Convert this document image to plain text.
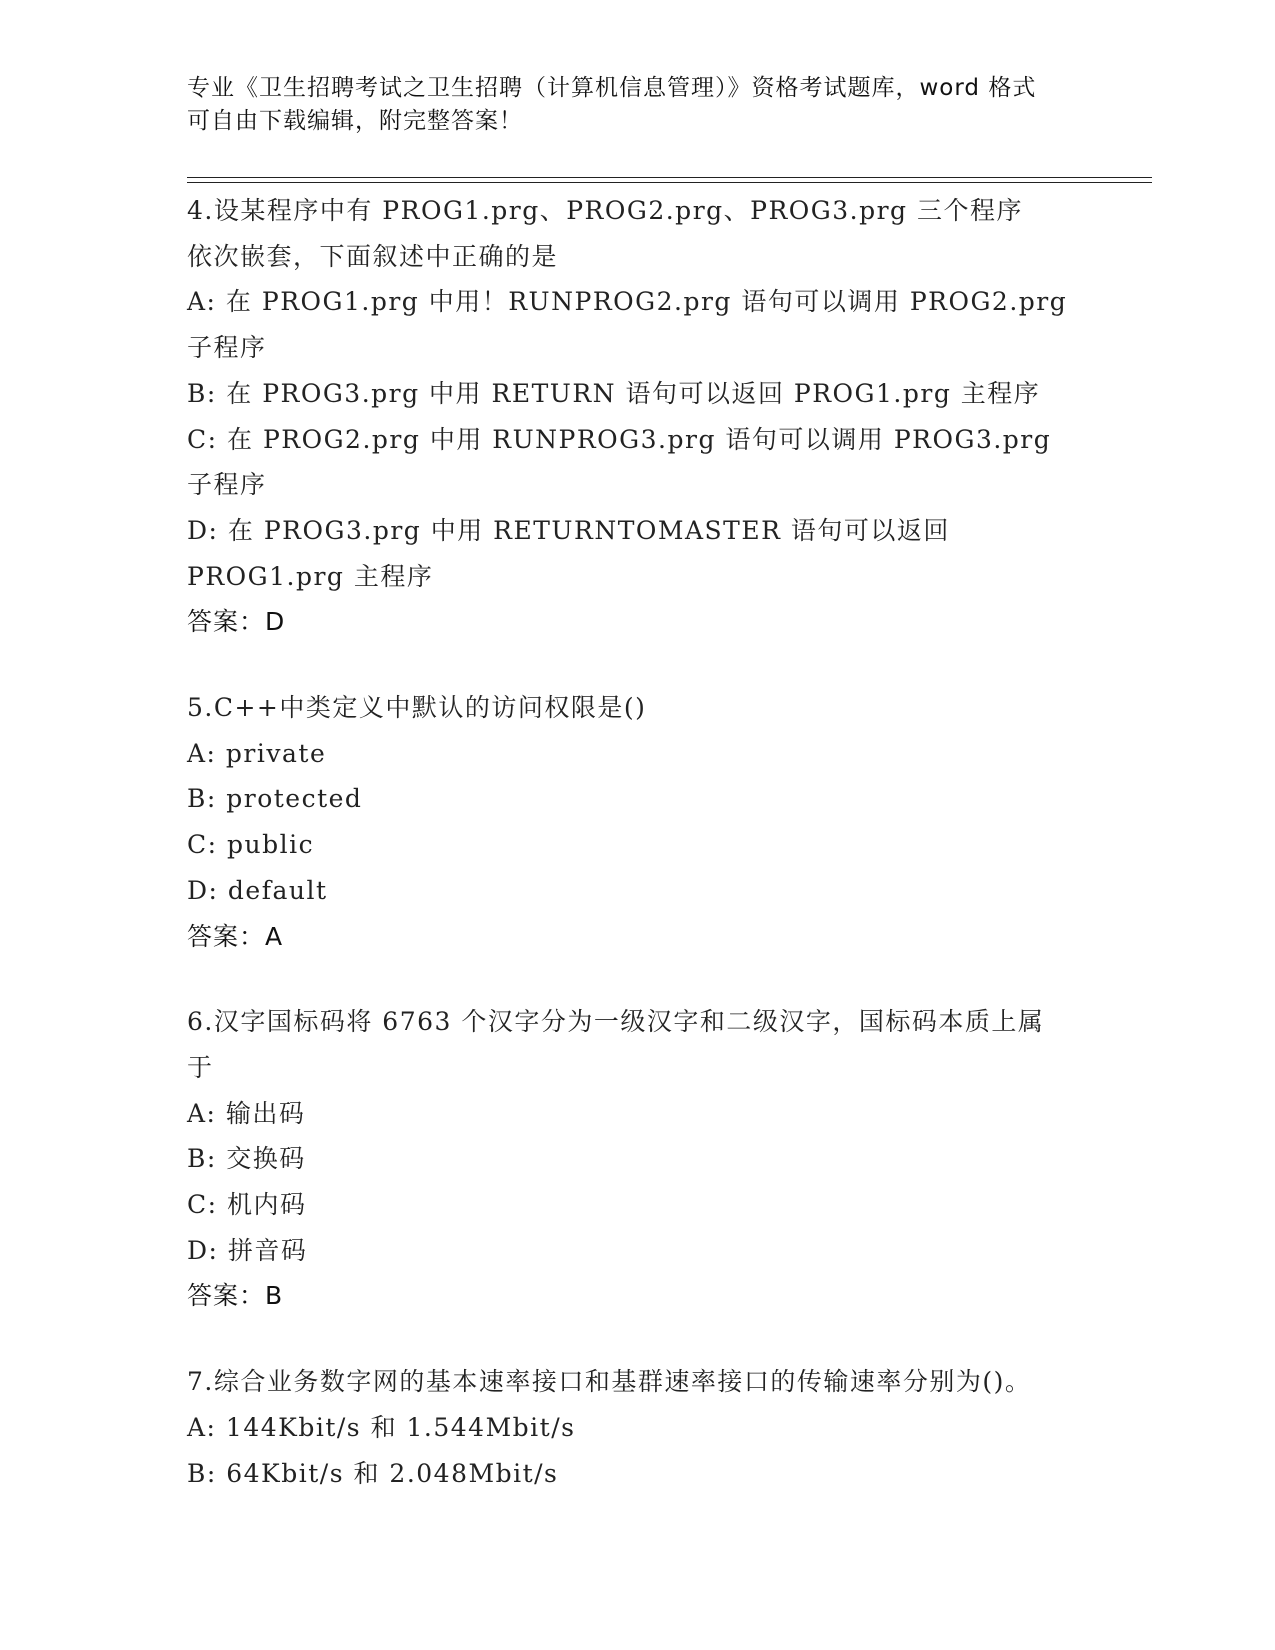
专业《卫生招聘考试之卫生招聘（计算机信息管理）》资格考试题库，word 格式

可自由下载编辑，附完整答案！

4.设某程序中有 PROG1.prg、PROG2.prg、PROG3.prg 三个程序依次嵌套，下面叙述中正确的是

A: 在 PROG1.prg 中用！RUNPROG2.prg 语句可以调用 PROG2.prg 子程序

B: 在 PROG3.prg 中用 RETURN 语句可以返回 PROG1.prg 主程序

C: 在 PROG2.prg 中用 RUNPROG3.prg 语句可以调用 PROG3.prg 子程序

D: 在 PROG3.prg 中用 RETURNTOMASTER 语句可以返回 PROG1.prg 主程序

答案：D

5.C++中类定义中默认的访问权限是()

A: private

B: protected

C: public

D: default

答案：A

6.汉字国标码将 6763 个汉字分为一级汉字和二级汉字，国标码本质上属于

A: 输出码

B: 交换码

C: 机内码

D: 拼音码

答案：B

7.综合业务数字网的基本速率接口和基群速率接口的传输速率分别为()。

A: 144Kbit/s 和 1.544Mbit/s

B: 64Kbit/s 和 2.048Mbit/s
